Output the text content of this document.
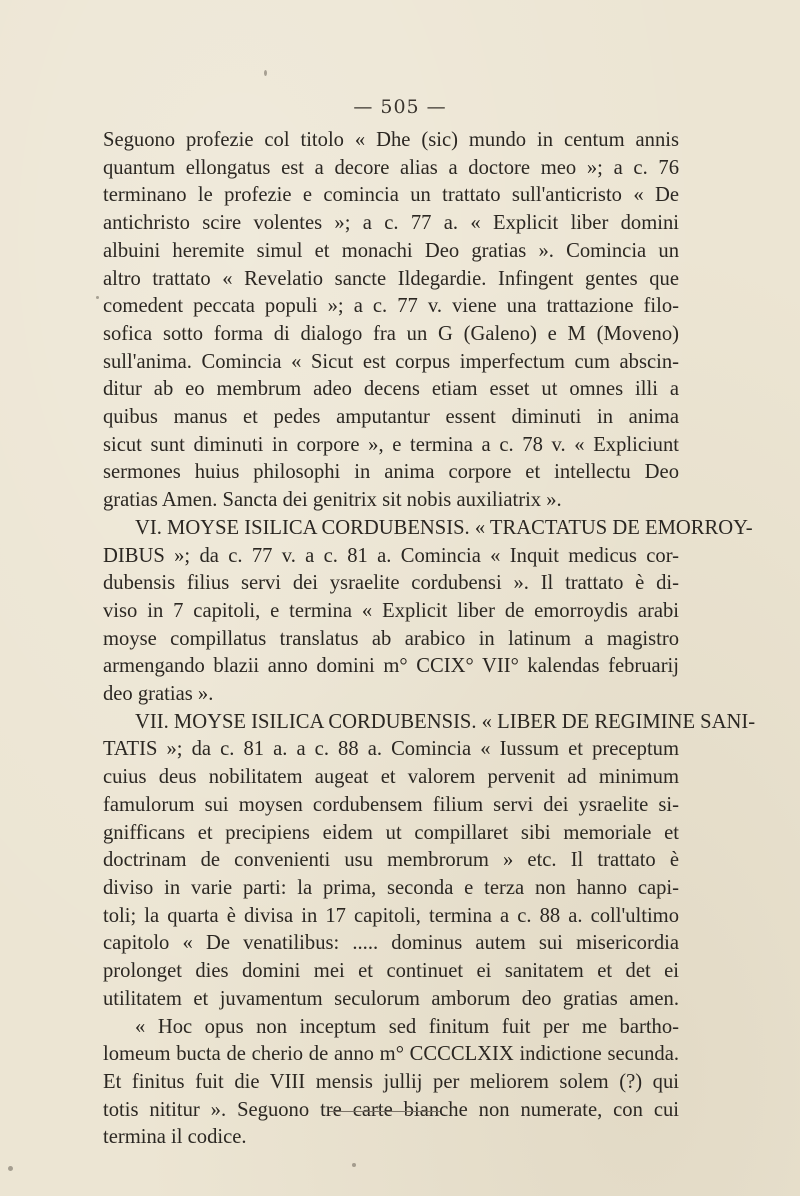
— 505 —
Seguono profezie col titolo « Dhe (sic) mundo in centum annis
quantum ellongatus est a decore alias a doctore meo »; a c. 76
terminano le profezie e comincia un trattato sull'anticristo « De
antichristo scire volentes »; a c. 77 a. « Explicit liber domini
albuini heremite simul et monachi Deo gratias ». Comincia un
altro trattato « Revelatio sancte Ildegardie. Infingent gentes que
comedent peccata populi »; a c. 77 v. viene una trattazione filo-
sofica sotto forma di dialogo fra un G (Galeno) e M (Moveno)
sull'anima. Comincia « Sicut est corpus imperfectum cum abscin-
ditur ab eo membrum adeo decens etiam esset ut omnes illi a
quibus manus et pedes amputantur essent diminuti in anima
sicut sunt diminuti in corpore », e termina a c. 78 v. « Expliciunt
sermones huius philosophi in anima corpore et intellectu Deo
gratias Amen. Sancta dei genitrix sit nobis auxiliatrix ».
VI. MOYSE ISILICA CORDUBENSIS. « TRACTATUS DE EMORROY-
DIBUS »; da c. 77 v. a c. 81 a. Comincia « Inquit medicus cor-
dubensis filius servi dei ysraelite cordubensi ». Il trattato è di-
viso in 7 capitoli, e termina « Explicit liber de emorroydis arabi
moyse compillatus translatus ab arabico in latinum a magistro
armengando blazii anno domini m° CCIX° VII° kalendas februarij
deo gratias ».
VII. MOYSE ISILICA CORDUBENSIS. « LIBER DE REGIMINE SANI-
TATIS »; da c. 81 a. a c. 88 a. Comincia « Iussum et preceptum
cuius deus nobilitatem augeat et valorem pervenit ad minimum
famulorum sui moysen cordubensem filium servi dei ysraelite si-
gnifficans et precipiens eidem ut compillaret sibi memoriale et
doctrinam de convenienti usu membrorum » etc. Il trattato è
diviso in varie parti: la prima, seconda e terza non hanno capi-
toli; la quarta è divisa in 17 capitoli, termina a c. 88 a. coll'ultimo
capitolo « De venatilibus: ..... dominus autem sui misericordia
prolonget dies domini mei et continuet ei sanitatem et det ei
utilitatem et juvamentum seculorum amborum deo gratias amen.
« Hoc opus non inceptum sed finitum fuit per me bartho-
lomeum bucta de cherio de anno m° CCCCLXIX indictione secunda.
Et finitus fuit die VIII mensis jullij per meliorem solem (?) qui
totis nititur ». Seguono tre carte bianche non numerate, con cui
termina il codice.
